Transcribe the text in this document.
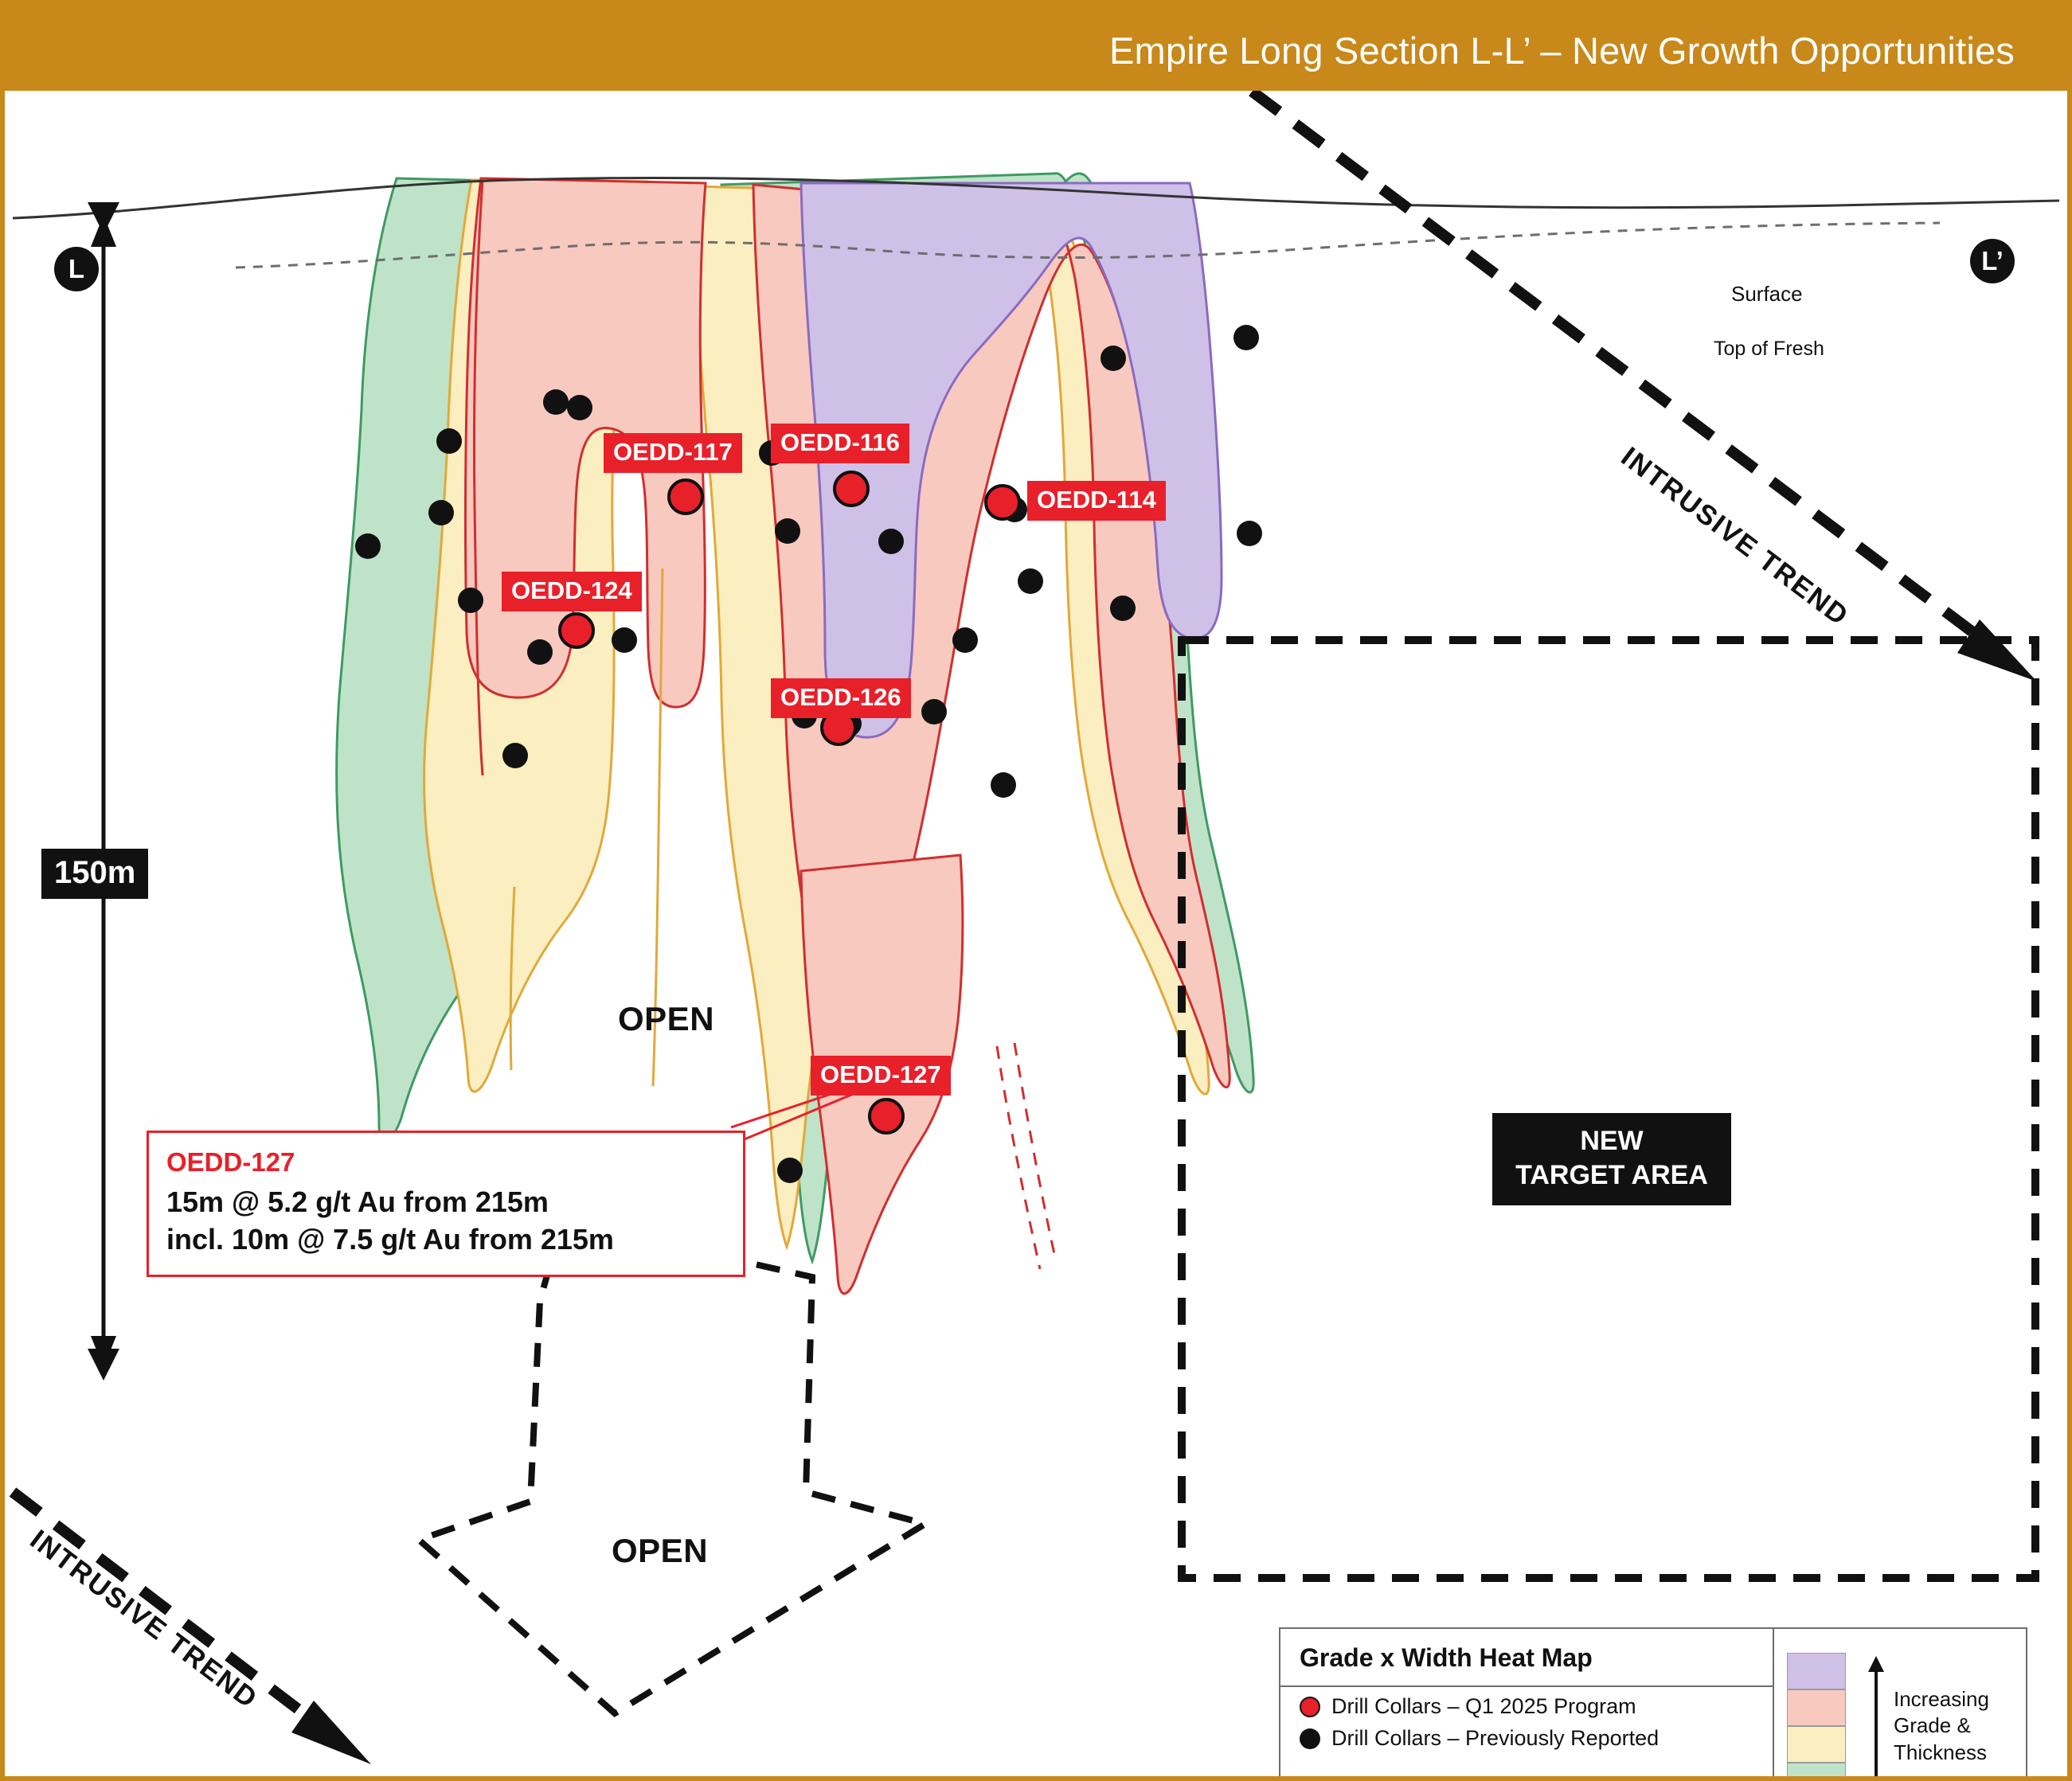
Empire Long Section L-L’ – New Growth Opportunities
L	L’
Surface
Top of Fresh
150m
OPEN
OPEN
INTRUSIVE TREND
INTRUSIVE TREND
OEDD-117	OEDD-116
OEDD-114
OEDD-124
OEDD-126
OEDD-127
OEDD-127
15m @ 5.2 g/t Au from 215m
incl. 10m @ 7.5 g/t Au from 215m
NEW
TARGET AREA
Grade x Width Heat Map
Drill Collars – Q1 2025 Program
Drill Collars – Previously Reported
Increasing
Grade &
Thickness
